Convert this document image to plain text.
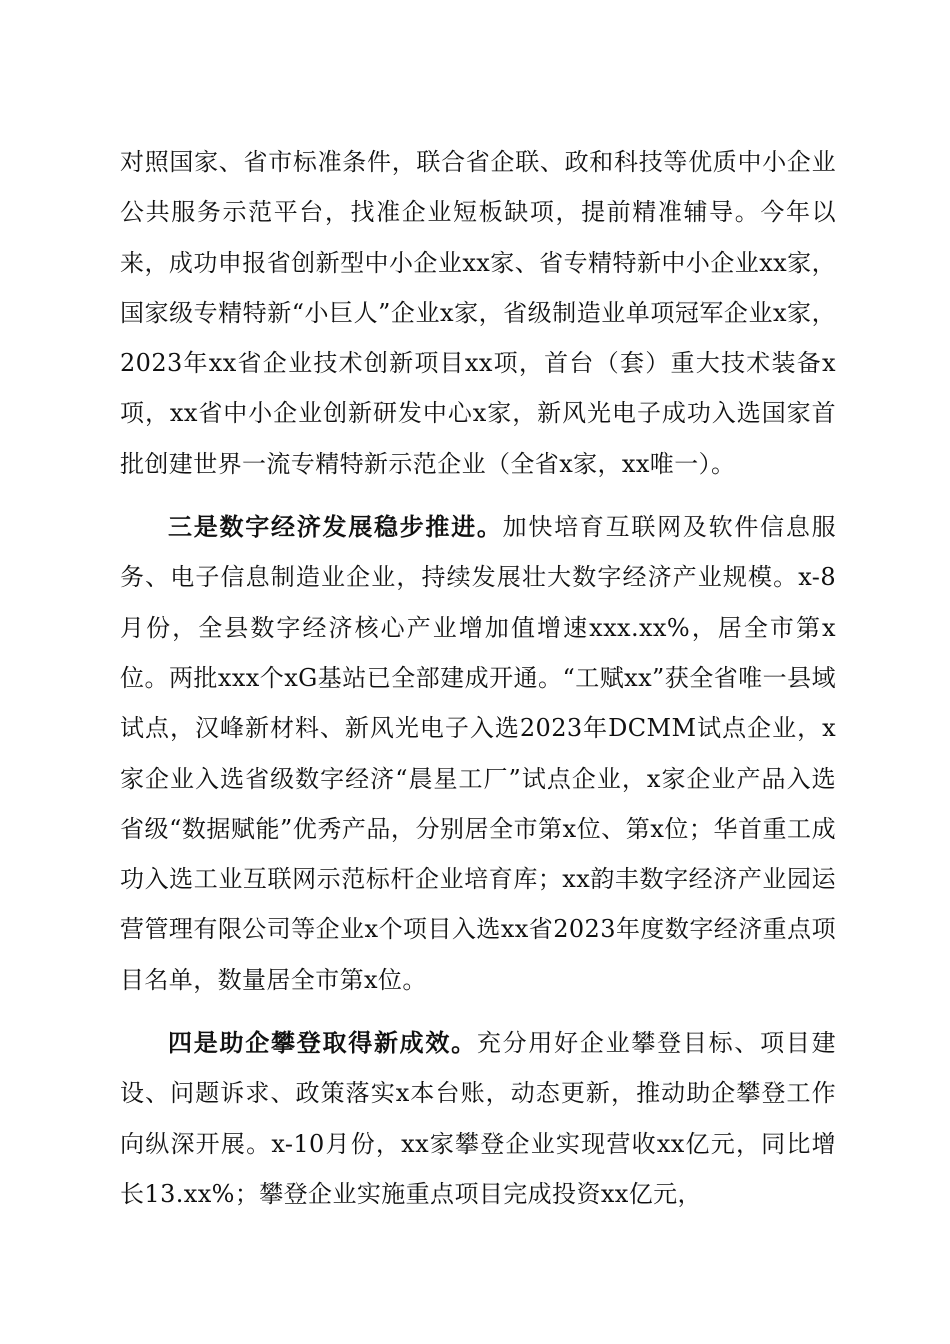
对照国家、省市标准条件，联合省企联、政和科技等优质中小企业公共服务示范平台，找准企业短板缺项，提前精准辅导。今年以来，成功申报省创新型中小企业xx家、省专精特新中小企业xx家，国家级专精特新“小巨人”企业x家，省级制造业单项冠军企业x家，2023年xx省企业技术创新项目xx项，首台（套）重大技术装备x项，xx省中小企业创新研发中心x家，新风光电子成功入选国家首批创建世界一流专精特新示范企业（全省x家，xx唯一）。

三是数字经济发展稳步推进。加快培育互联网及软件信息服务、电子信息制造业企业，持续发展壮大数字经济产业规模。x-8月份，全县数字经济核心产业增加值增速xxx.xx%，居全市第x位。两批xxx个xG基站已全部建成开通。“工赋xx”获全省唯一县域试点，汉峰新材料、新风光电子入选2023年DCMM试点企业，x家企业入选省级数字经济“晨星工厂”试点企业，x家企业产品入选省级“数据赋能”优秀产品，分别居全市第x位、第x位；华首重工成功入选工业互联网示范标杆企业培育库；xx韵丰数字经济产业园运营管理有限公司等企业x个项目入选xx省2023年度数字经济重点项目名单，数量居全市第x位。

四是助企攀登取得新成效。充分用好企业攀登目标、项目建设、问题诉求、政策落实x本台账，动态更新，推动助企攀登工作向纵深开展。x-10月份，xx家攀登企业实现营收xx亿元，同比增长13.xx%；攀登企业实施重点项目完成投资xx亿元，
